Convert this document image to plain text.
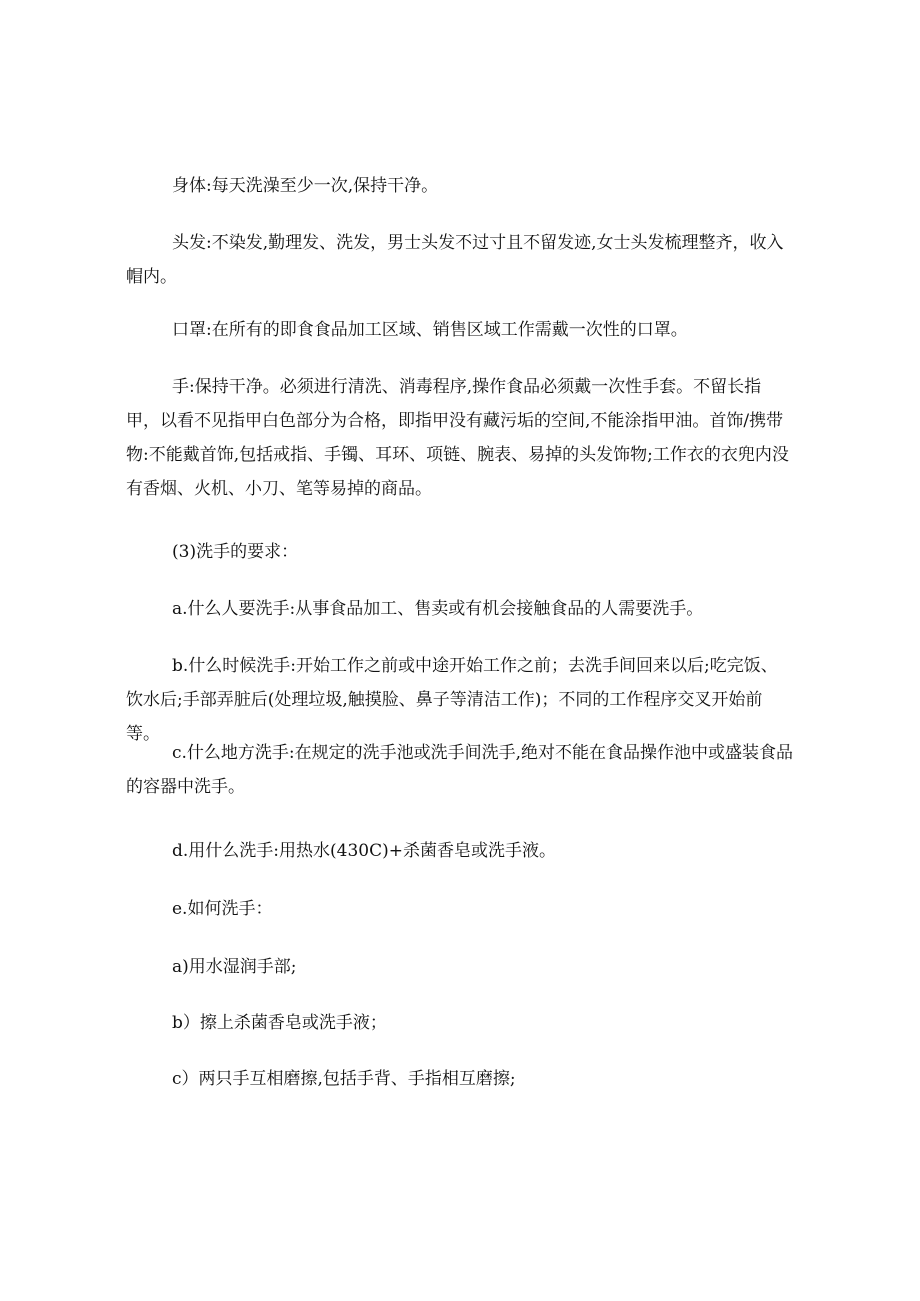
身体:每天洗澡至少一次,保持干净。

头发:不染发,勤理发、洗发，男士头发不过寸且不留发迹,女士头发梳理整齐，收入帽内。

口罩:在所有的即食食品加工区域、销售区域工作需戴一次性的口罩。

手:保持干净。必须进行清洗、消毒程序,操作食品必须戴一次性手套。不留长指甲，以看不见指甲白色部分为合格，即指甲没有藏污垢的空间,不能涂指甲油。首饰/携带物:不能戴首饰,包括戒指、手镯、耳环、项链、腕表、易掉的头发饰物;工作衣的衣兜内没有香烟、火机、小刀、笔等易掉的商品。

(3)洗手的要求：

a.什么人要洗手:从事食品加工、售卖或有机会接触食品的人需要洗手。

b.什么时候洗手:开始工作之前或中途开始工作之前；去洗手间回来以后;吃完饭、饮水后;手部弄脏后(处理垃圾,触摸脸、鼻子等清洁工作)；不同的工作程序交叉开始前等。

c.什么地方洗手:在规定的洗手池或洗手间洗手,绝对不能在食品操作池中或盛装食品的容器中洗手。

d.用什么洗手:用热水(430C)+杀菌香皂或洗手液。

e.如何洗手：

a)用水湿润手部;

b）擦上杀菌香皂或洗手液；

c）两只手互相磨擦,包括手背、手指相互磨擦;
